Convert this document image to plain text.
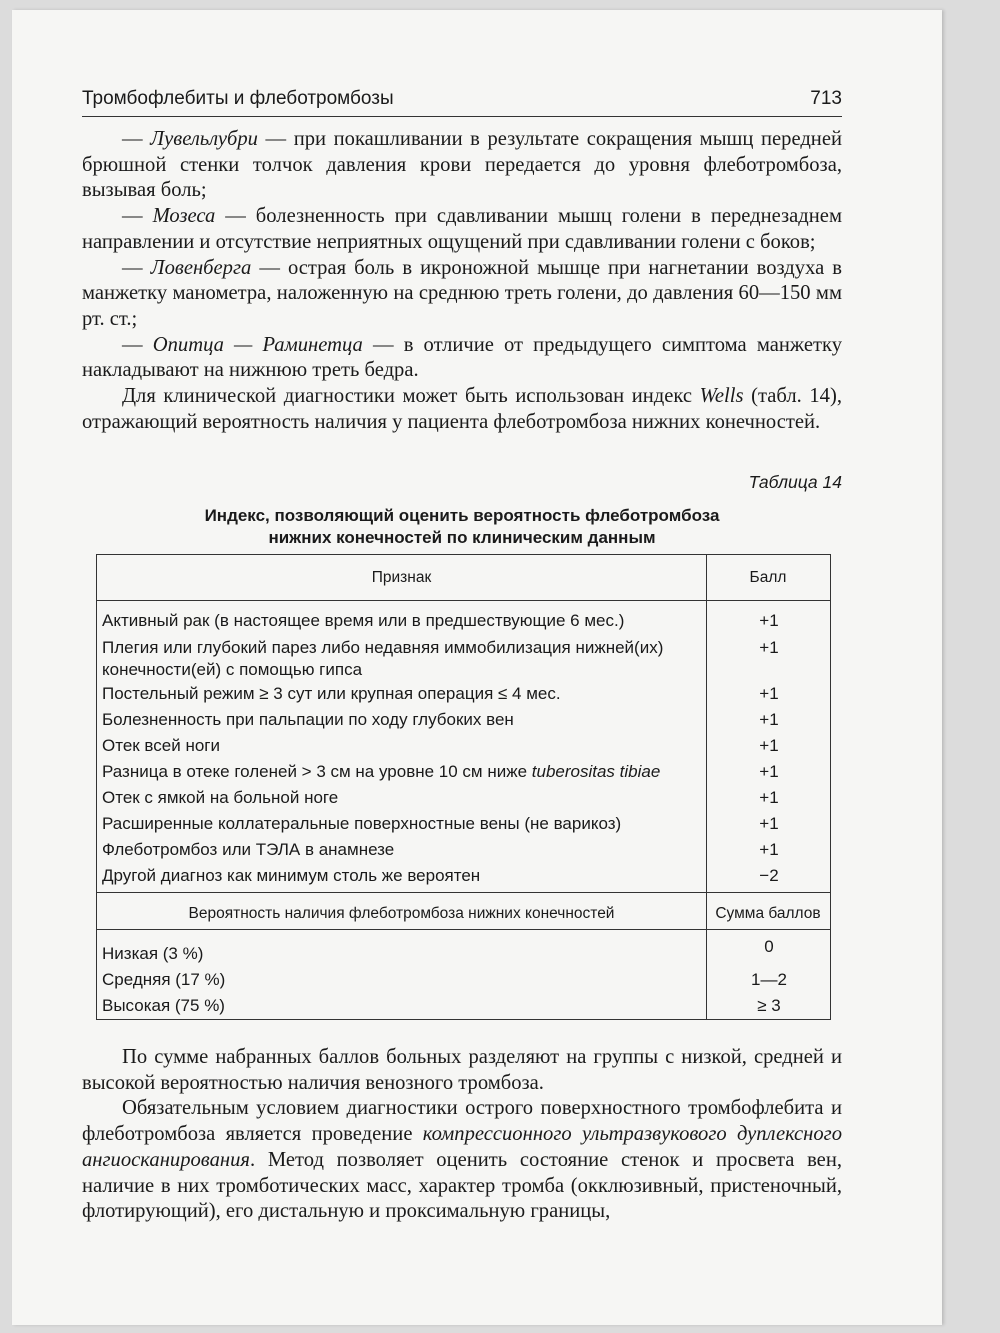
Тромбофлебиты и флеботромбозы	713

— Лувельлубри — при покашливании в результате сокращения мышц передней брюшной стенки толчок давления крови передается до уровня флеботромбоза, вызывая боль;

— Мозеса — болезненность при сдавливании мышц голени в переднезаднем направлении и отсутствие неприятных ощущений при сдавливании голени с боков;

— Ловенберга — острая боль в икроножной мышце при нагнетании воздуха в манжетку манометра, наложенную на среднюю треть голени, до давления 60—150 мм рт. ст.;

— Опитца — Раминетца — в отличие от предыдущего симптома манжетку накладывают на нижнюю треть бедра.

Для клинической диагностики может быть использован индекс Wells (табл. 14), отражающий вероятность наличия у пациента флеботромбоза нижних конечностей.

Таблица 14
Индекс, позволяющий оценить вероятность флеботромбоза
нижних конечностей по клиническим данным
Признак	Балл
Активный рак (в настоящее время или в предшествующие 6 мес.)	+1
Плегия или глубокий парез либо недавняя иммобилизация нижней(их) конечности(ей) с помощью гипса
+1
Постельный режим ≥ 3 сут или крупная операция ≤ 4 мес.	+1
Болезненность при пальпации по ходу глубоких вен	+1
Отек всей ноги	+1
Разница в отеке голеней > 3 см на уровне 10 см ниже tuberositas tibiae	+1
Отек с ямкой на больной ноге	+1
Расширенные коллатеральные поверхностные вены (не варикоз)	+1
Флеботромбоз или ТЭЛА в анамнезе	+1
Другой диагноз как минимум столь же вероятен	−2
Вероятность наличия флеботромбоза нижних конечностей	Сумма баллов
Низкая (3 %)	0
Средняя (17 %)	1—2
Высокая (75 %)	≥ 3

По сумме набранных баллов больных разделяют на группы с низкой, средней и высокой вероятностью наличия венозного тромбоза.

Обязательным условием диагностики острого поверхностного тромбофлебита и флеботромбоза является проведение компрессионного ультразвукового дуплексного ангиосканирования. Метод позволяет оценить состояние стенок и просвета вен, наличие в них тромботических масс, характер тромба (окклюзивный, пристеночный, флотирующий), его дистальную и проксимальную границы,
